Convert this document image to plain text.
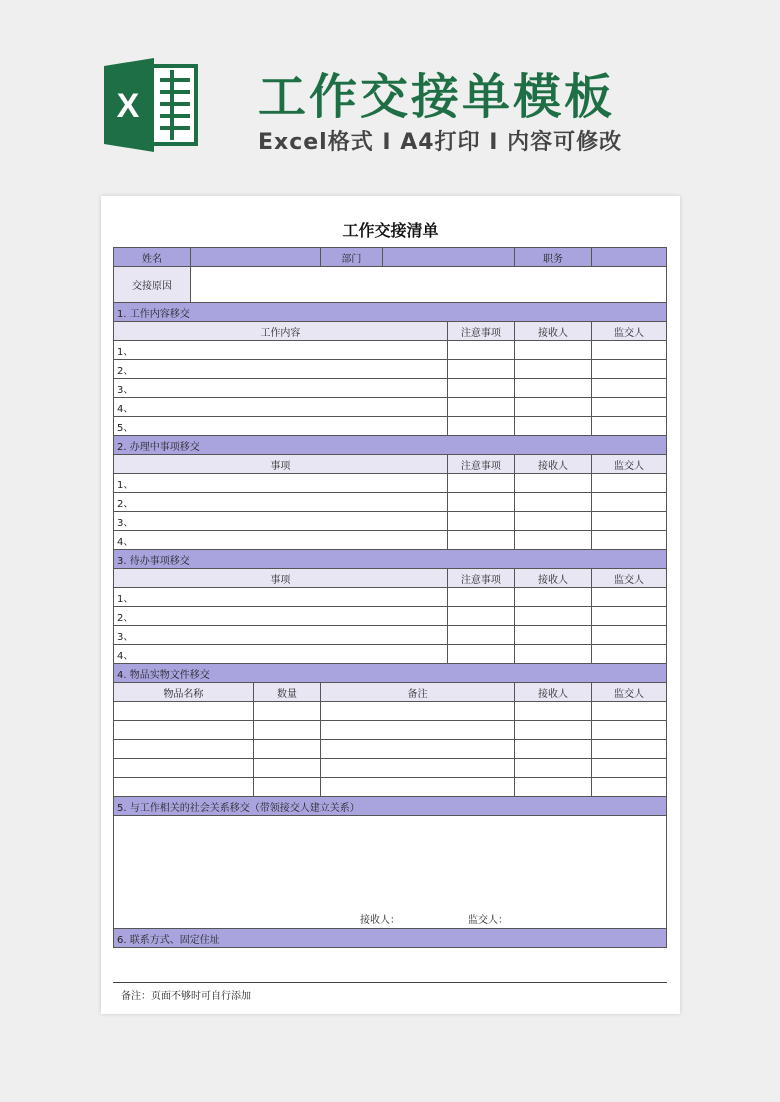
X 工作交接单模板
Excel格式 I A4打印 I 内容可修改
工作交接清单
姓名			部门			职务	
交接原因							
1. 工作内容移交							
工作内容					注意事项	接收人	监交人
1、							
2、							
3、							
4、							
5、							
2. 办理中事项移交							
事项					注意事项	接收人	监交人
1、							
2、							
3、							
4、							
3. 待办事项移交							
事项					注意事项	接收人	监交人
1、							
2、							
3、							
4、							
4. 物品实物文件移交							
物品名称		数量	备注			接收人	监交人

5. 与工作相关的社会关系移交（带领接交人建立关系）							

接收人： 监交人：							

6. 联系方式、固定住址							
备注：页面不够时可自行添加
